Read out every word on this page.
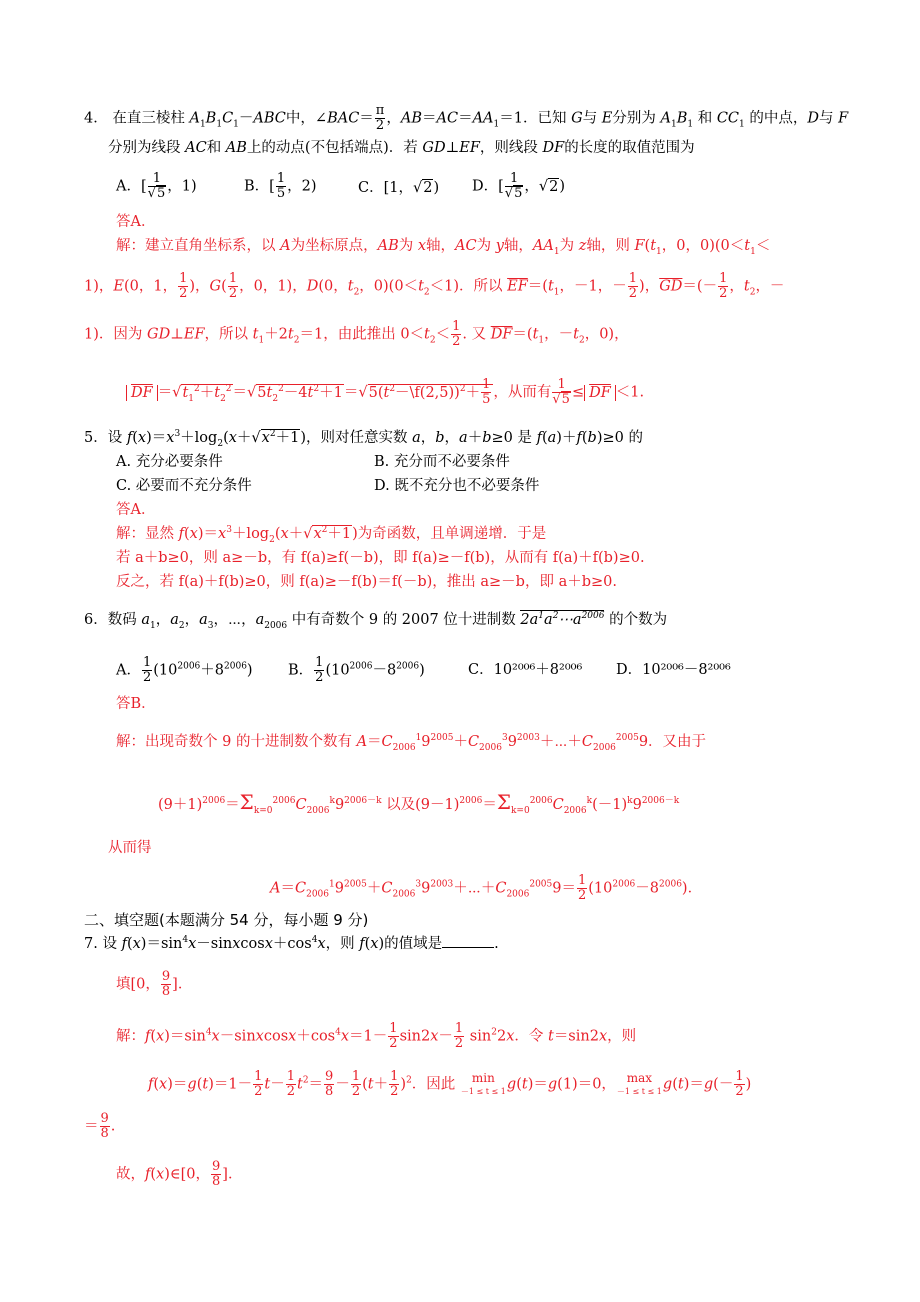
4． 在直三棱柱 $A_1B_1C_1-ABC$中，∠BAC＝ $\frac{\pi}{2}$ ，$AB=AC=AA_1=1$．已知 G与 E分别为 $A_1B_1$ 和 $CC_1$ 的中点，D与 F
分别为线段 AC和 AB上的动点(不包括端点)．若 GD⊥EF，则线段 DF的长度的取值范围为
A．[ $\frac{1}{√5}$ ，1)	B．[ $\frac{1}{5}$ ，2)	C．[1，√2) D．[ $\frac{1}{√5}$ ，√2)
答A．
解：建立直角坐标系，以 A为坐标原点，AB为 x轴，AC为 y轴，$AA_1$为 z轴，则 $F(t_1$，0，$0)(0<t_1<$
1)，E(0，1， $\frac{1}{2}$ )，$G( \frac{1}{2}$ ，0，1)，D(0，$t_2$，$0)(0<t_2<1)$．所以 $\overline{EF}=(t_1$，－1，－ $\frac{1}{2}$ )，$\overline{GD}=(- \frac{1}{2}$ ，$t_2$，－
1)．因为 GD⊥EF，所以 $t_1+2t_2=1$，由此推出 $0<t_2< \frac{1}{2}$ . 又 $\overline{DF}=(t_1$，$-t_2$，0)，
$\overline{DF}$ $=√t_1^2+t_2^2=√5t_2^2-4t^2+1=√5(t^2-\backslash f(2,5))^2+ \frac{1}{5}$ ，从而有 $\frac{1}{√5} \le \overline{DF} <1$.
5．设 $f(x)=x^3+\log_2(x+√x^2+1)$，则对任意实数 a，b，a＋b≥0 是 f(a)＋f(b)≥0 的
A. 充分必要条件	B. 充分而不必要条件
C. 必要而不充分条件	D. 既不充分也不必要条件
答A．
解：显然 $f(x)=x^3+\log_2(x+√x^2+1)$为奇函数，且单调递增．于是
若 a＋b≥0，则 a≥－b，有 f(a)≥f(－b)，即 f(a)≥－f(b)，从而有 f(a)＋f(b)≥0.
反之，若 f(a)＋f(b)≥0，则 f(a)≥－f(b)＝f(－b)，推出 a≥－b，即 a＋b≥0.
6．数码 $a_1$，$a_2$，$a_3$，⋯，$a_{2006}$ 中有奇数个 9 的 2007 位十进制数 $2a^1a^2\cdots a^{2006}$ 的个数为
A． $\frac{1}{2} (10^{2006}+8^{2006})$ B． $\frac{1}{2} (10^{2006}-8^{2006})$	C．10²⁰⁰⁶＋8²⁰⁰⁶ D．10²⁰⁰⁶－8²⁰⁰⁶
答B．
解：出现奇数个 9 的十进制数个数有 $A=C_{2006}^19^{2005}+C_{2006}^39^{2003}+\cdots+C_{2006}^{2005}9$．又由于
$(9+1)^{2006}=\Sigma_{k=0}^{2006}C_{2006}^k9^{2006-k}$ 以及$(9-1)^{2006}=\Sigma_{k=0}^{2006}C_{2006}^k(-1)^k9^{2006-k}$
从而得
$A=C_{2006}^19^{2005}+C_{2006}^39^{2003}+\cdots+C_{2006}^{2005}9= \frac{1}{2} (10^{2006}-8^{2006})$．
二、填空题(本题满分 54 分，每小题 9 分)
7. 设 $f(x)=\sin^4x-sinxcosx+\cos^4x$，则 f(x)的值域是	.
填[0， $\frac{9}{8}$ ]．
解：$f(x)=\sin^4x-sinxcosx+\cos^4x=1- \frac{1}{2} \sin 2x- \frac{1}{2} \sin^22x$．令 t＝sin2x，则
$f(x)=g(t)=1- \frac{1}{2} t- \frac{1}{2} t^2= \frac{9}{8} - \frac{1}{2} (t+ \frac{1}{2} )^2$．因此	min
－1 ≤ t ≤ 1 g(t)＝g(1)＝0， max
－1 ≤ t ≤ 1 $g(t)=g(- \frac{1}{2}$ )
＝ $\frac{9}{8}$ .
故，f(x)∈[0， $\frac{9}{8}$ ]．
